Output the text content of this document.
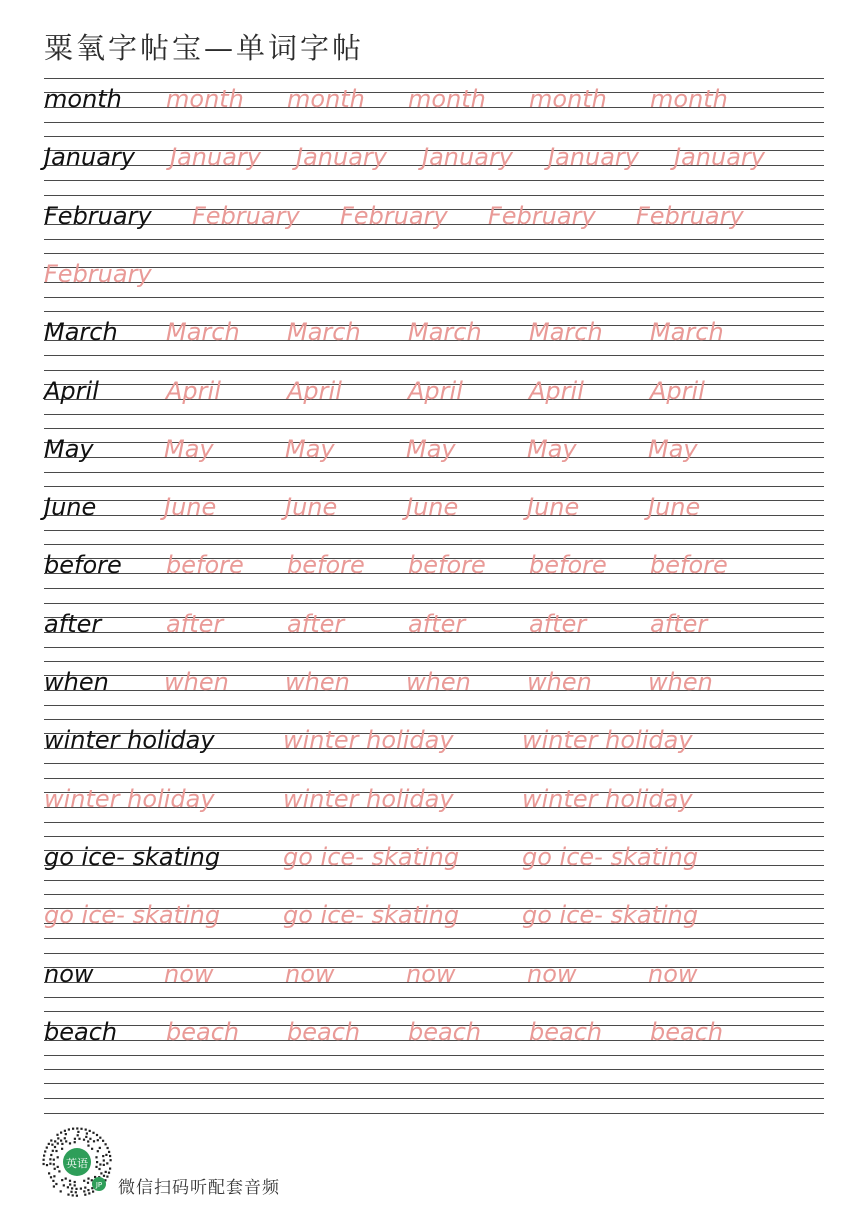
粟氧字帖宝—单词字帖
month month month month month month
January January January January January January
February February February February February
February
March March March March March March
April	April	April	April	April	April
May	May	May	May	May	May
June	June	June	June	June	June
before before before before before before
after	after	after	after	after	after
when when when when when when
winter holiday	winter holiday	winter holiday
winter holiday	winter holiday	winter holiday
go ice- skating	go ice- skating	go ice- skating
go ice- skating	go ice- skating	go ice- skating
now	now	now	now	now	now
beach beach beach beach beach beach
英语
JP 微信扫码听配套音频
